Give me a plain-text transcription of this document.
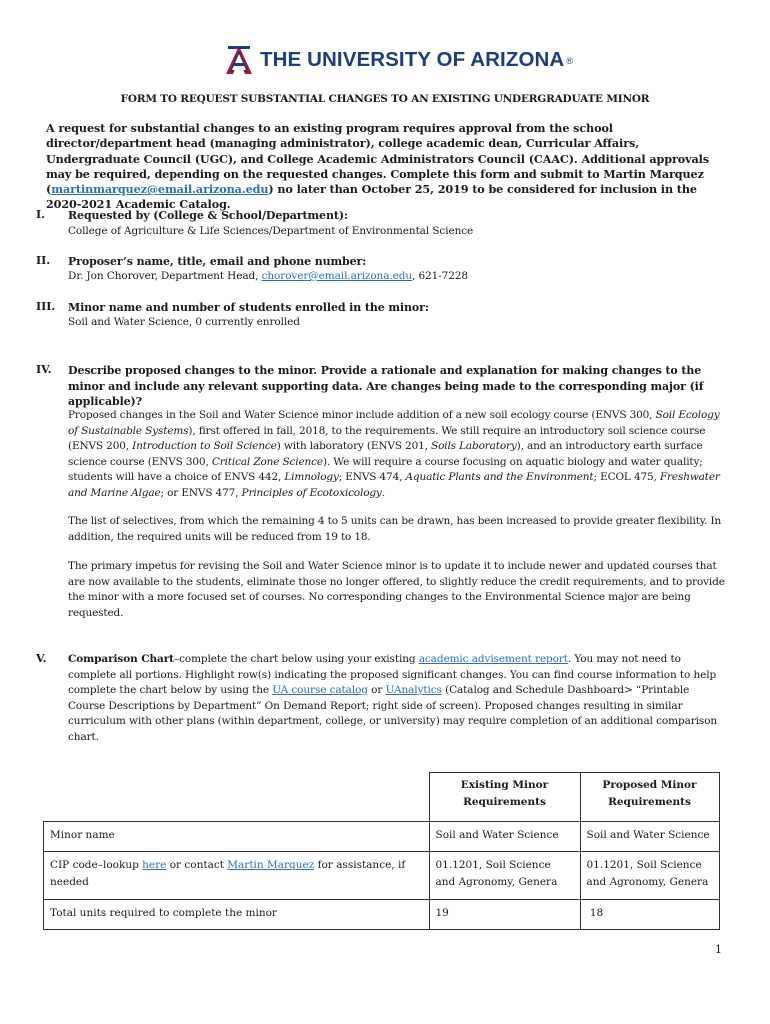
THE UNIVERSITY OF ARIZONA ®
FORM TO REQUEST SUBSTANTIAL CHANGES TO AN EXISTING UNDERGRADUATE MINOR
A request for substantial changes to an existing program requires approval from the school director/department head (managing administrator), college academic dean, Curricular Affairs, Undergraduate Council (UGC), and College Academic Administrators Council (CAAC). Additional approvals may be required, depending on the requested changes. Complete this form and submit to Martin Marquez (martinmarquez@email.arizona.edu) no later than October 25, 2019 to be considered for inclusion in the 2020-2021 Academic Catalog.
I.	Requested by (College & School/Department):
College of Agriculture & Life Sciences/Department of Environmental Science
II.	Proposer’s name, title, email and phone number:
Dr. Jon Chorover, Department Head, chorover@email.arizona.edu, 621-7228
III.	Minor name and number of students enrolled in the minor:
Soil and Water Science, 0 currently enrolled
IV.	Describe proposed changes to the minor. Provide a rationale and explanation for making changes to the minor and include any relevant supporting data. Are changes being made to the corresponding major (if applicable)?
Proposed changes in the Soil and Water Science minor include addition of a new soil ecology course (ENVS 300, Soil Ecology of Sustainable Systems), first offered in fall, 2018, to the requirements. We still require an introductory soil science course (ENVS 200, Introduction to Soil Science) with laboratory (ENVS 201, Soils Laboratory), and an introductory earth surface science course (ENVS 300, Critical Zone Science). We will require a course focusing on aquatic biology and water quality; students will have a choice of ENVS 442, Limnology; ENVS 474, Aquatic Plants and the Environment; ECOL 475, Freshwater and Marine Algae; or ENVS 477, Principles of Ecotoxicology.
The list of selectives, from which the remaining 4 to 5 units can be drawn, has been increased to provide greater flexibility. In addition, the required units will be reduced from 19 to 18.
The primary impetus for revising the Soil and Water Science minor is to update it to include newer and updated courses that are now available to the students, eliminate those no longer offered, to slightly reduce the credit requirements, and to provide the minor with a more focused set of courses. No corresponding changes to the Environmental Science major are being requested.
V.	Comparison Chart–complete the chart below using your existing academic advisement report. You may not need to complete all portions. Highlight row(s) indicating the proposed significant changes. You can find course information to help complete the chart below by using the UA course catalog or UAnalytics (Catalog and Schedule Dashboard> “Printable Course Descriptions by Department” On Demand Report; right side of screen). Proposed changes resulting in similar curriculum with other plans (within department, college, or university) may require completion of an additional comparison chart.
	Existing Minor Requirements	Proposed Minor Requirements
Minor name	Soil and Water Science	Soil and Water Science
CIP code–lookup here or contact Martin Marquez for assistance, if needed	01.1201, Soil Science and Agronomy, Genera	01.1201, Soil Science and Agronomy, Genera
Total units required to complete the minor	19	18
1
